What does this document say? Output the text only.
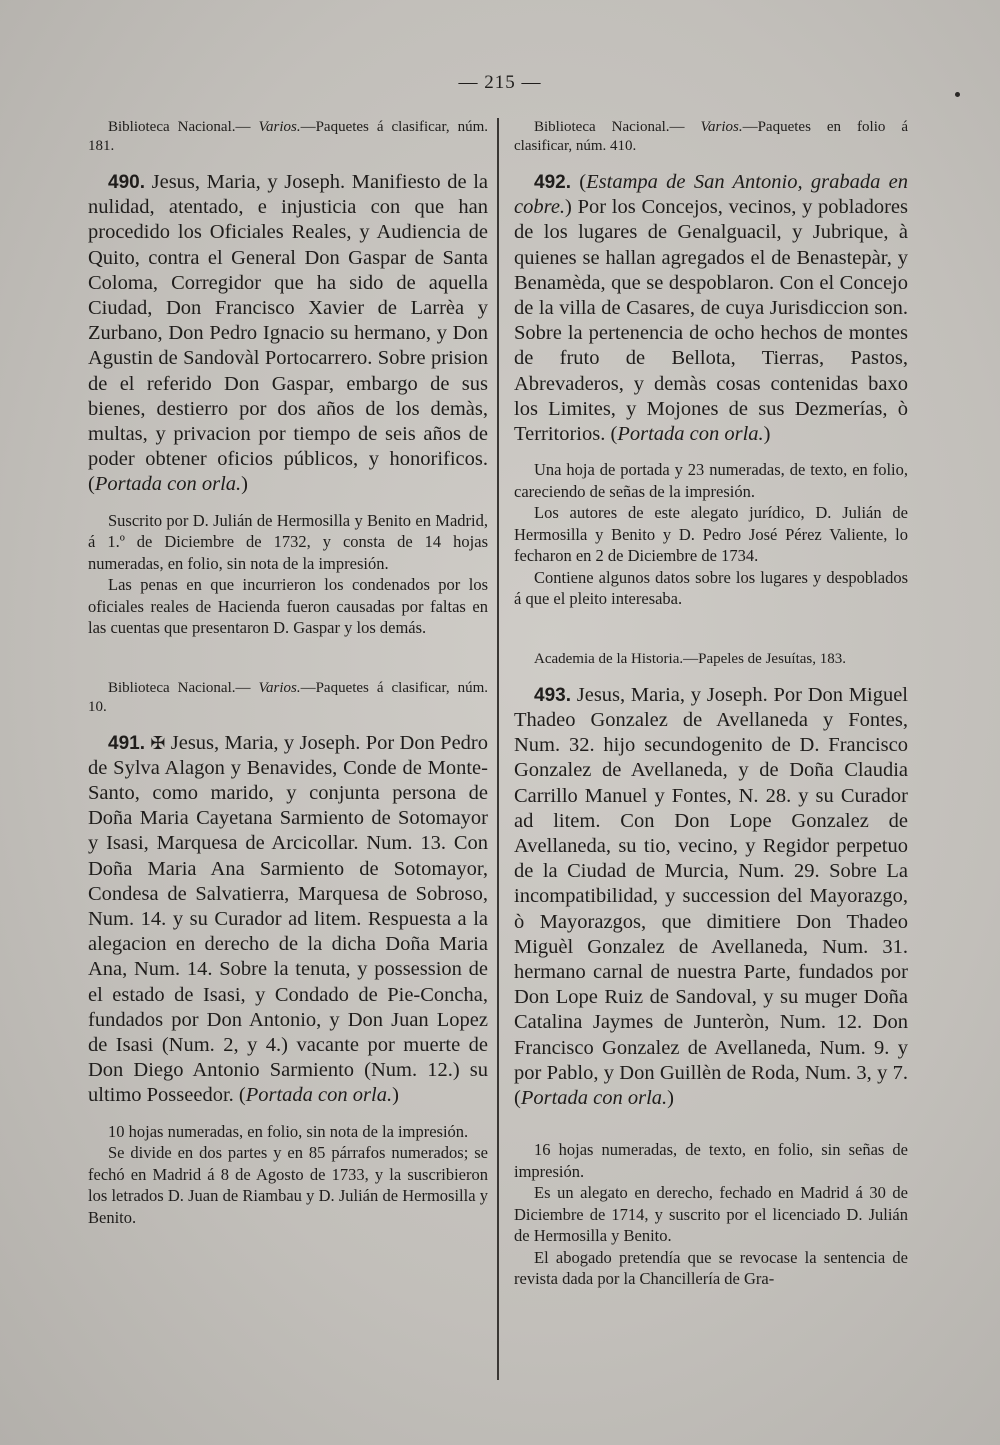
— 215 —

Biblioteca Nacional.— Varios.—Paquetes á clasificar, núm. 181.

490. Jesus, Maria, y Joseph. Manifiesto de la nulidad, atentado, e injusticia con que han procedido los Oficiales Reales, y Audiencia de Quito, contra el General Don Gaspar de Santa Coloma, Corregidor que ha sido de aquella Ciudad, Don Francisco Xavier de Larrèa y Zurbano, Don Pedro Ignacio su hermano, y Don Agustin de Sandovàl Portocarrero. Sobre prision de el referido Don Gaspar, embargo de sus bienes, destierro por dos años de los demàs, multas, y privacion por tiempo de seis años de poder obtener oficios públicos, y honorificos. (Portada con orla.)

Suscrito por D. Julián de Hermosilla y Benito en Madrid, á 1.º de Diciembre de 1732, y consta de 14 hojas numeradas, en folio, sin nota de la impresión.

Las penas en que incurrieron los condenados por los oficiales reales de Hacienda fueron causadas por faltas en las cuentas que presentaron D. Gaspar y los demás.

Biblioteca Nacional.— Varios.—Paquetes á clasificar, núm. 10.

491. ✠ Jesus, Maria, y Joseph. Por Don Pedro de Sylva Alagon y Benavides, Conde de Monte-Santo, como marido, y conjunta persona de Doña Maria Cayetana Sarmiento de Sotomayor y Isasi, Marquesa de Arcicollar. Num. 13. Con Doña Maria Ana Sarmiento de Sotomayor, Condesa de Salvatierra, Marquesa de Sobroso, Num. 14. y su Curador ad litem. Respuesta a la alegacion en derecho de la dicha Doña Maria Ana, Num. 14. Sobre la tenuta, y possession de el estado de Isasi, y Condado de Pie-Concha, fundados por Don Antonio, y Don Juan Lopez de Isasi (Num. 2, y 4.) vacante por muerte de Don Diego Antonio Sarmiento (Num. 12.) su ultimo Posseedor. (Portada con orla.)

10 hojas numeradas, en folio, sin nota de la impresión.

Se divide en dos partes y en 85 párrafos numerados; se fechó en Madrid á 8 de Agosto de 1733, y la suscribieron los letrados D. Juan de Riambau y D. Julián de Hermosilla y Benito.

Biblioteca Nacional.— Varios.—Paquetes en folio á clasificar, núm. 410.

492. (Estampa de San Antonio, grabada en cobre.) Por los Concejos, vecinos, y pobladores de los lugares de Genalguacil, y Jubrique, à quienes se hallan agregados el de Benastepàr, y Benamèda, que se despoblaron. Con el Concejo de la villa de Casares, de cuya Jurisdiccion son. Sobre la pertenencia de ocho hechos de montes de fruto de Bellota, Tierras, Pastos, Abrevaderos, y demàs cosas contenidas baxo los Limites, y Mojones de sus Dezmerías, ò Territorios. (Portada con orla.)

Una hoja de portada y 23 numeradas, de texto, en folio, careciendo de señas de la impresión.

Los autores de este alegato jurídico, D. Julián de Hermosilla y Benito y D. Pedro José Pérez Valiente, lo fecharon en 2 de Diciembre de 1734.

Contiene algunos datos sobre los lugares y despoblados á que el pleito interesaba.

Academia de la Historia.—Papeles de Jesuítas, 183.

493. Jesus, Maria, y Joseph. Por Don Miguel Thadeo Gonzalez de Avellaneda y Fontes, Num. 32. hijo secundogenito de D. Francisco Gonzalez de Avellaneda, y de Doña Claudia Carrillo Manuel y Fontes, N. 28. y su Curador ad litem. Con Don Lope Gonzalez de Avellaneda, su tio, vecino, y Regidor perpetuo de la Ciudad de Murcia, Num. 29. Sobre La incompatibilidad, y succession del Mayorazgo, ò Mayorazgos, que dimitiere Don Thadeo Miguèl Gonzalez de Avellaneda, Num. 31. hermano carnal de nuestra Parte, fundados por Don Lope Ruiz de Sandoval, y su muger Doña Catalina Jaymes de Junteròn, Num. 12. Don Francisco Gonzalez de Avellaneda, Num. 9. y por Pablo, y Don Guillèn de Roda, Num. 3, y 7. (Portada con orla.)

16 hojas numeradas, de texto, en folio, sin señas de impresión.

Es un alegato en derecho, fechado en Madrid á 30 de Diciembre de 1714, y suscrito por el licenciado D. Julián de Hermosilla y Benito.

El abogado pretendía que se revocase la sentencia de revista dada por la Chancillería de Gra-
